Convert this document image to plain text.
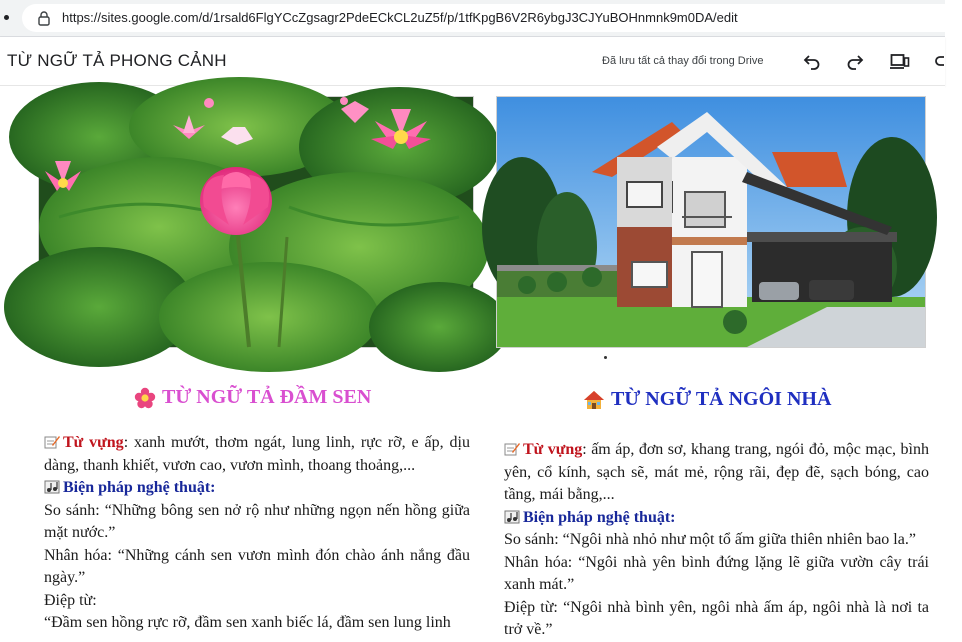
https://sites.google.com/d/1rsald6FlgYCcZgsagr2PdeECkCL2uZ5f/p/1tfKpgB6V2R6ybgJ3CJYuBOHnmnk9m0DA/edit
TỪ NGỮ TẢ PHONG CẢNH	Đã lưu tất cả thay đổi trong Drive
TỪ NGỮ TẢ ĐẦM SEN	TỪ NGỮ TẢ NGÔI NHÀ

Từ vựng: xanh mướt, thơm ngát, lung linh, rực rỡ, e ấp, dịu dàng, thanh khiết, vươn cao, vươn mình, thoang thoảng,...

Biện pháp nghệ thuật:

So sánh: “Những bông sen nở rộ như những ngọn nến hồng giữa mặt nước.”

Nhân hóa: “Những cánh sen vươn mình đón chào ánh nắng đầu ngày.”

Điệp từ:

“Đầm sen hồng rực rỡ, đầm sen xanh biếc lá, đầm sen lung linh

Từ vựng: ấm áp, đơn sơ, khang trang, ngói đỏ, mộc mạc, bình yên, cổ kính, sạch sẽ, mát mẻ, rộng rãi, đẹp đẽ, sạch bóng, cao tầng, mái bằng,...

Biện pháp nghệ thuật:

So sánh: “Ngôi nhà nhỏ như một tổ ấm giữa thiên nhiên bao la.”

Nhân hóa: “Ngôi nhà yên bình đứng lặng lẽ giữa vườn cây trái xanh mát.”

Điệp từ: “Ngôi nhà bình yên, ngôi nhà ấm áp, ngôi nhà là nơi ta trở về.”
